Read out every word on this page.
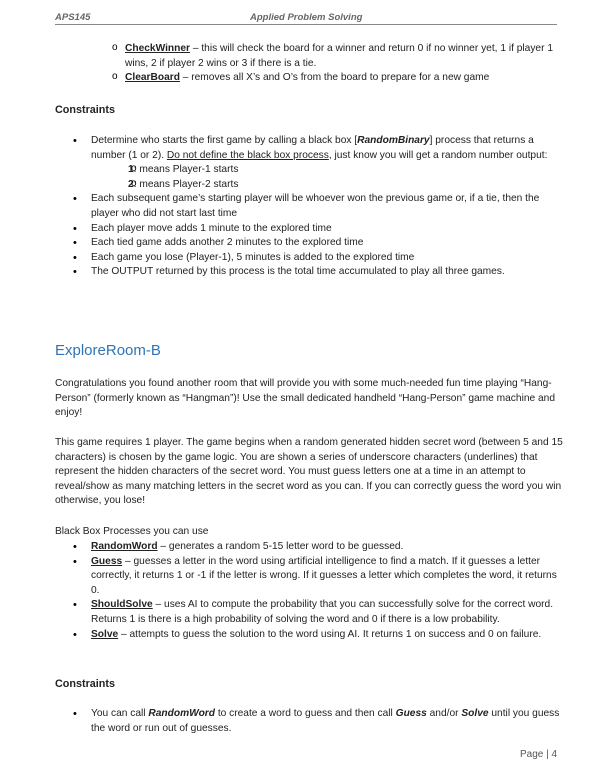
APS145	Applied Problem Solving
o CheckWinner – this will check the board for a winner and return 0 if no winner yet, 1 if player 1 wins, 2 if player 2 wins or 3 if there is a tie.
o ClearBoard – removes all X’s and O’s from the board to prepare for a new game
Constraints
• Determine who starts the first game by calling a black box [RandomBinary] process that returns a number (1 or 2). Do not define the black box process, just know you will get a random number output:
o 1: means Player-1 starts
o 2: means Player-2 starts
• Each subsequent game’s starting player will be whoever won the previous game or, if a tie, then the player who did not start last time
• Each player move adds 1 minute to the explored time
• Each tied game adds another 2 minutes to the explored time
• Each game you lose (Player-1), 5 minutes is added to the explored time
• The OUTPUT returned by this process is the total time accumulated to play all three games.
ExploreRoom-B

Congratulations you found another room that will provide you with some much-needed fun time playing “Hang-Person” (formerly known as “Hangman”)! Use the small dedicated handheld “Hang-Person” game machine and enjoy!

This game requires 1 player. The game begins when a random generated hidden secret word (between 5 and 15 characters) is chosen by the game logic. You are shown a series of underscore characters (underlines) that represent the hidden characters of the secret word. You must guess letters one at a time in an attempt to reveal/show as many matching letters in the secret word as you can. If you can correctly guess the word you win otherwise, you lose!

Black Box Processes you can use

• RandomWord – generates a random 5-15 letter word to be guessed.
• Guess – guesses a letter in the word using artificial intelligence to find a match. If it guesses a letter correctly, it returns 1 or -1 if the letter is wrong. If it guesses a letter which completes the word, it returns 0.
• ShouldSolve – uses AI to compute the probability that you can successfully solve for the correct word. Returns 1 is there is a high probability of solving the word and 0 if there is a low probability.
• Solve – attempts to guess the solution to the word using AI. It returns 1 on success and 0 on failure.
Constraints
• You can call RandomWord to create a word to guess and then call Guess and/or Solve until you guess the word or run out of guesses.
Page | 4
